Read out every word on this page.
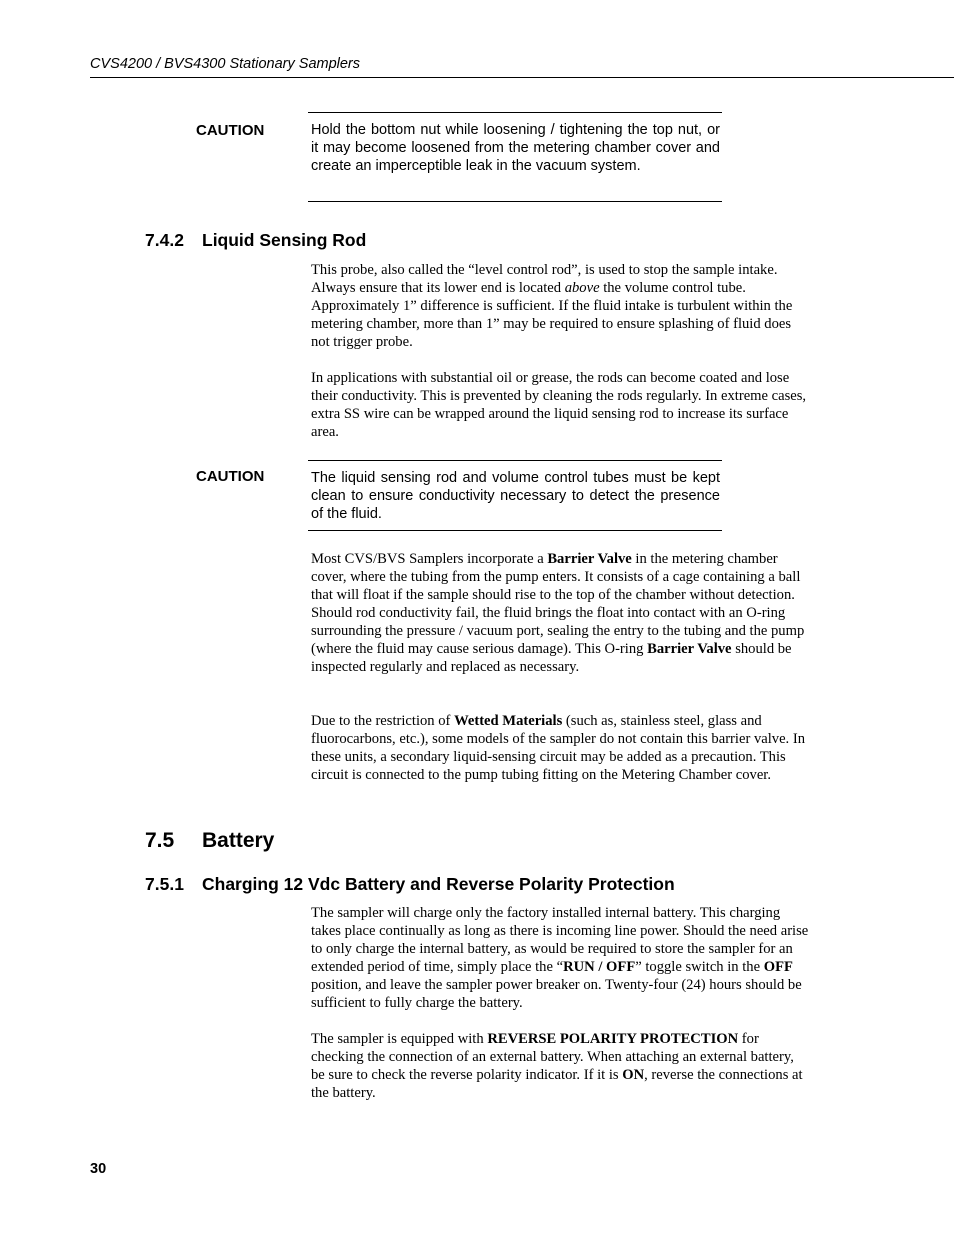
CVS4200 / BVS4300 Stationary Samplers
CAUTION	Hold the bottom nut while loosening / tightening the top nut, or it may become loosened from the metering chamber cover and create an imperceptible leak in the vacuum system.
7.4.2 Liquid Sensing Rod
This probe, also called the “level control rod”, is used to stop the sample intake. Always ensure that its lower end is located above the volume control tube. Approximately 1” difference is sufficient. If the fluid intake is turbulent within the metering chamber, more than 1” may be required to ensure splashing of fluid does not trigger probe.
In applications with substantial oil or grease, the rods can become coated and lose their conductivity. This is prevented by cleaning the rods regularly. In extreme cases, extra SS wire can be wrapped around the liquid sensing rod to increase its surface area.
CAUTION	The liquid sensing rod and volume control tubes must be kept clean to ensure conductivity necessary to detect the presence of the fluid.
Most CVS/BVS Samplers incorporate a Barrier Valve in the metering chamber cover, where the tubing from the pump enters. It consists of a cage containing a ball that will float if the sample should rise to the top of the chamber without detection. Should rod conductivity fail, the fluid brings the float into contact with an O-ring surrounding the pressure / vacuum port, sealing the entry to the tubing and the pump (where the fluid may cause serious damage). This O-ring Barrier Valve should be inspected regularly and replaced as necessary.
Due to the restriction of Wetted Materials (such as, stainless steel, glass and fluorocarbons, etc.), some models of the sampler do not contain this barrier valve. In these units, a secondary liquid-sensing circuit may be added as a precaution. This circuit is connected to the pump tubing fitting on the Metering Chamber cover.
7.5 Battery
7.5.1 Charging 12 Vdc Battery and Reverse Polarity Protection
The sampler will charge only the factory installed internal battery. This charging takes place continually as long as there is incoming line power. Should the need arise to only charge the internal battery, as would be required to store the sampler for an extended period of time, simply place the “RUN / OFF” toggle switch in the OFF position, and leave the sampler power breaker on. Twenty-four (24) hours should be sufficient to fully charge the battery.
The sampler is equipped with REVERSE POLARITY PROTECTION for checking the connection of an external battery. When attaching an external battery, be sure to check the reverse polarity indicator. If it is ON, reverse the connections at the battery.
30
